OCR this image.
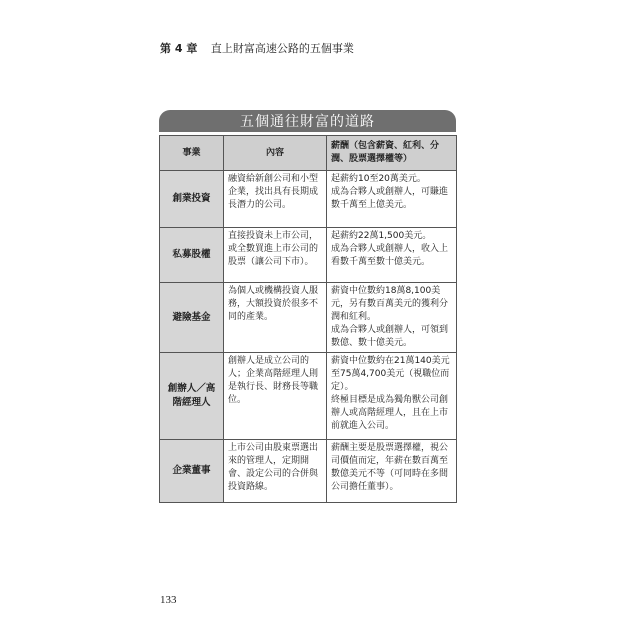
第 4 章 直上財富高速公路的五個事業
五個通往財富的道路
事業	內容	薪酬（包含薪資、紅利、分潤、股票選擇權等）
創業投資	融資給新創公司和小型企業，找出具有長期成長潛力的公司。	起薪約10至20萬美元。
成為合夥人或創辦人，可賺進數千萬至上億美元。
私募股權	直接投資未上市公司，或全數買進上市公司的股票（讓公司下市）。	起薪約22萬1,500美元。
成為合夥人或創辦人，收入上看數千萬至數十億美元。
避險基金	為個人或機構投資人服務，大額投資於很多不同的產業。	薪資中位數約18萬8,100美元，另有數百萬美元的獲利分潤和紅利。
成為合夥人或創辦人，可領到數億、數十億美元。
創辦人／高階經理人	創辦人是成立公司的人；企業高階經理人則是執行長、財務長等職位。	薪資中位數約在21萬140美元至75萬4,700美元（視職位而定）。
終極目標是成為獨角獸公司創辦人或高階經理人，且在上市前就進入公司。
企業董事	上市公司由股東票選出來的管理人，定期開會、設定公司的合併與投資路線。	薪酬主要是股票選擇權，視公司價值而定，年薪在數百萬至數億美元不等（可同時在多間公司擔任董事）。
133
